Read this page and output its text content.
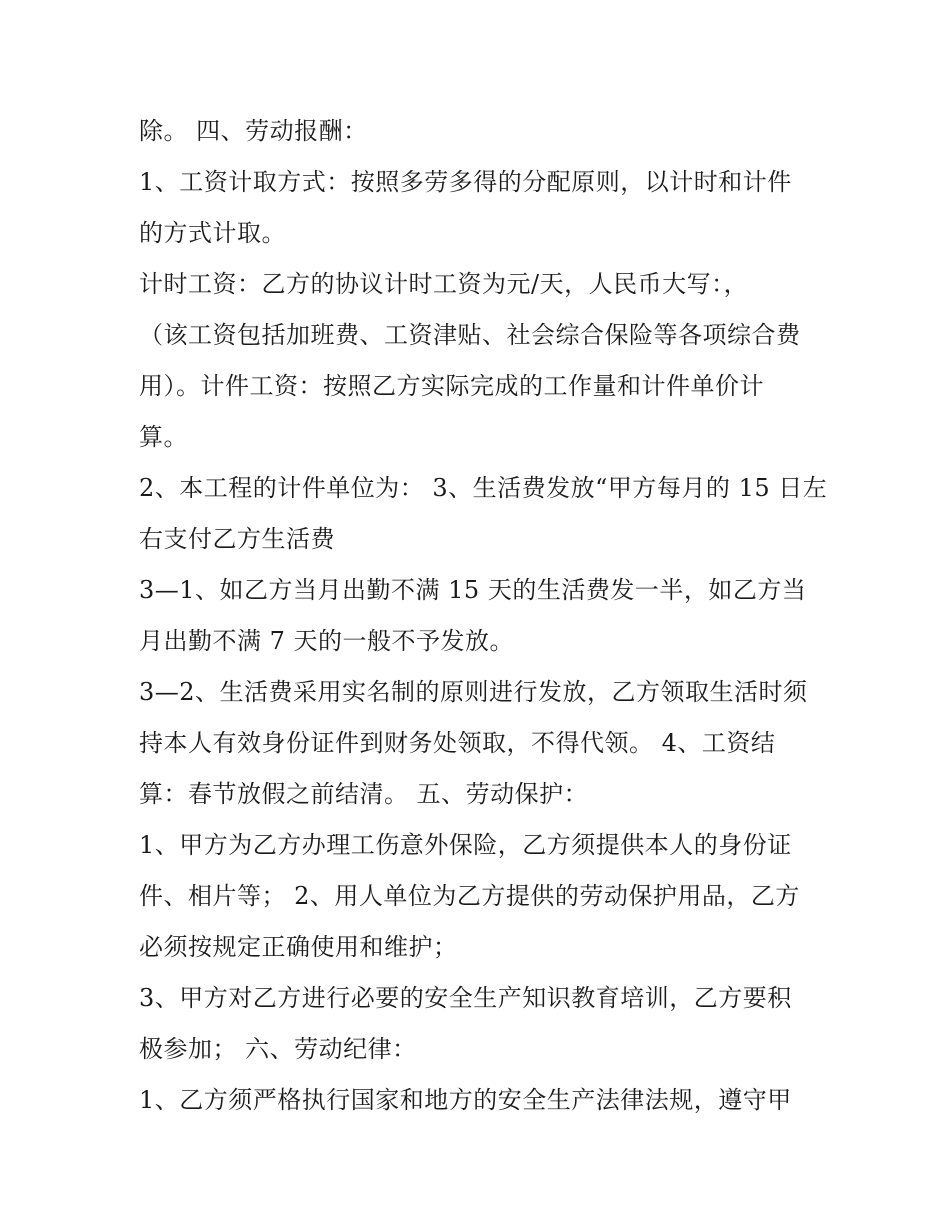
除。 四、劳动报酬：
1、工资计取方式：按照多劳多得的分配原则，以计时和计件
的方式计取。
计时工资：乙方的协议计时工资为元/天，人民币大写：，
（该工资包括加班费、工资津贴、社会综合保险等各项综合费
用）。计件工资：按照乙方实际完成的工作量和计件单价计
算。
2、本工程的计件单位为： 3、生活费发放“甲方每月的 15 日左
右支付乙方生活费
3—1、如乙方当月出勤不满 15 天的生活费发一半，如乙方当
月出勤不满 7 天的一般不予发放。
3—2、生活费采用实名制的原则进行发放，乙方领取生活时须
持本人有效身份证件到财务处领取，不得代领。 4、工资结
算：春节放假之前结清。 五、劳动保护：
1、甲方为乙方办理工伤意外保险，乙方须提供本人的身份证
件、相片等； 2、用人单位为乙方提供的劳动保护用品，乙方
必须按规定正确使用和维护；
3、甲方对乙方进行必要的安全生产知识教育培训，乙方要积
极参加； 六、劳动纪律：
1、乙方须严格执行国家和地方的安全生产法律法规，遵守甲
